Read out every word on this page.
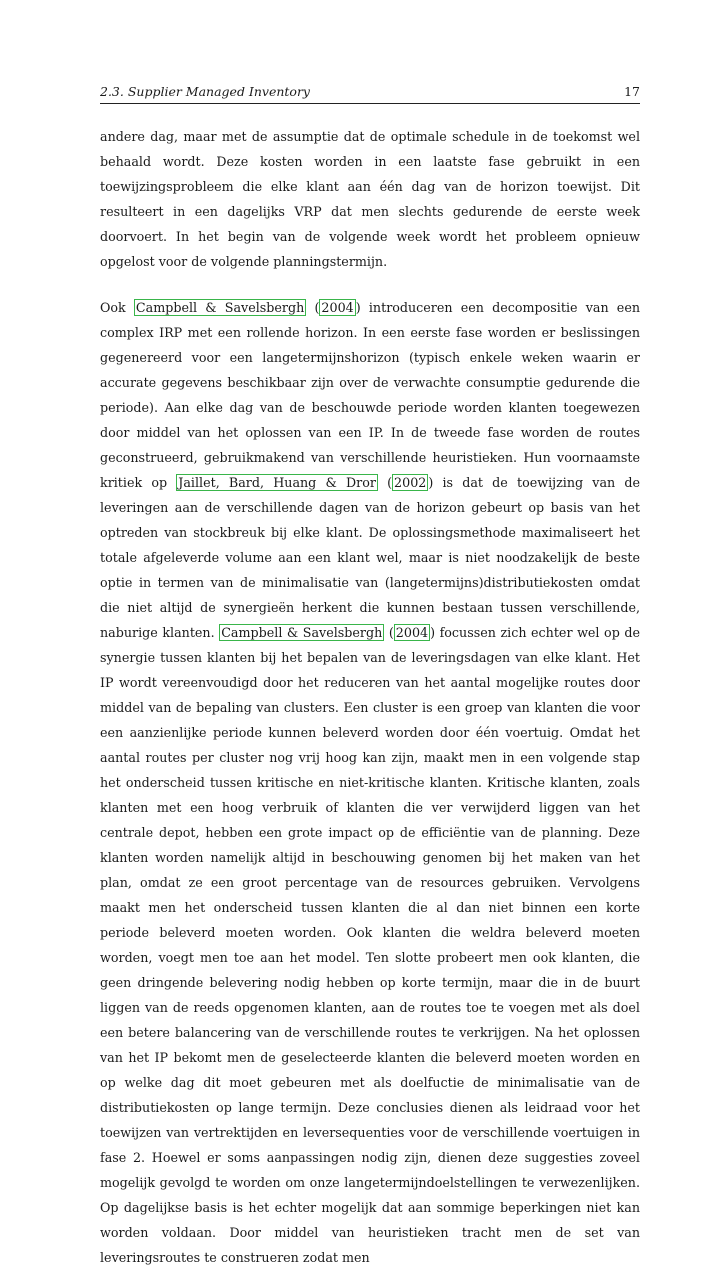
2.3. Supplier Managed Inventory	17

andere dag, maar met de assumptie dat de optimale schedule in de toekomst wel behaald wordt. Deze kosten worden in een laatste fase gebruikt in een toewijzingsprobleem die elke klant aan één dag van de horizon toewijst. Dit resulteert in een dagelijks VRP dat men slechts gedurende de eerste week doorvoert. In het begin van de volgende week wordt het probleem opnieuw opgelost voor de volgende planningstermijn.

Ook Campbell & Savelsbergh ( 2004 ) introduceren een decompositie van een complex IRP met een rollende horizon. In een eerste fase worden er beslissingen gegenereerd voor een langetermijnshorizon (typisch enkele weken waarin er accurate gegevens beschikbaar zijn over de verwachte consumptie gedurende die periode). Aan elke dag van de beschouwde periode worden klanten toegewezen door middel van het oplossen van een IP. In de tweede fase worden de routes geconstrueerd, gebruikmakend van verschillende heuristieken. Hun voornaamste kritiek op Jaillet, Bard, Huang & Dror ( 2002 ) is dat de toewijzing van de leveringen aan de verschillende dagen van de horizon gebeurt op basis van het optreden van stockbreuk bij elke klant. De oplossingsmethode maximaliseert het totale afgeleverde volume aan een klant wel, maar is niet noodzakelijk de beste optie in termen van de minimalisatie van (langetermijns)distributiekosten omdat die niet altijd de synergieën herkent die kunnen bestaan tussen verschillende, naburige klanten. Campbell & Savelsbergh ( 2004 ) focussen zich echter wel op de synergie tussen klanten bij het bepalen van de leveringsdagen van elke klant. Het IP wordt vereenvoudigd door het reduceren van het aantal mogelijke routes door middel van de bepaling van clusters. Een cluster is een groep van klanten die voor een aanzienlijke periode kunnen beleverd worden door één voertuig. Omdat het aantal routes per cluster nog vrij hoog kan zijn, maakt men in een volgende stap het onderscheid tussen kritische en niet-kritische klanten. Kritische klanten, zoals klanten met een hoog verbruik of klanten die ver verwijderd liggen van het centrale depot, hebben een grote impact op de efficiëntie van de planning. Deze klanten worden namelijk altijd in beschouwing genomen bij het maken van het plan, omdat ze een groot percentage van de resources gebruiken. Vervolgens maakt men het onderscheid tussen klanten die al dan niet binnen een korte periode beleverd moeten worden. Ook klanten die weldra beleverd moeten worden, voegt men toe aan het model. Ten slotte probeert men ook klanten, die geen dringende belevering nodig hebben op korte termijn, maar die in de buurt liggen van de reeds opgenomen klanten, aan de routes toe te voegen met als doel een betere balancering van de verschillende routes te verkrijgen. Na het oplossen van het IP bekomt men de geselecteerde klanten die beleverd moeten worden en op welke dag dit moet gebeuren met als doelfuctie de minimalisatie van de distributiekosten op lange termijn. Deze conclusies dienen als leidraad voor het toewijzen van vertrektijden en leversequenties voor de verschillende voertuigen in fase 2. Hoewel er soms aanpassingen nodig zijn, dienen deze suggesties zoveel mogelijk gevolgd te worden om onze langetermijndoelstellingen te verwezenlijken. Op dagelijkse basis is het echter mogelijk dat aan sommige beperkingen niet kan worden voldaan. Door middel van heuristieken tracht men de set van leveringsroutes te construeren zodat men
